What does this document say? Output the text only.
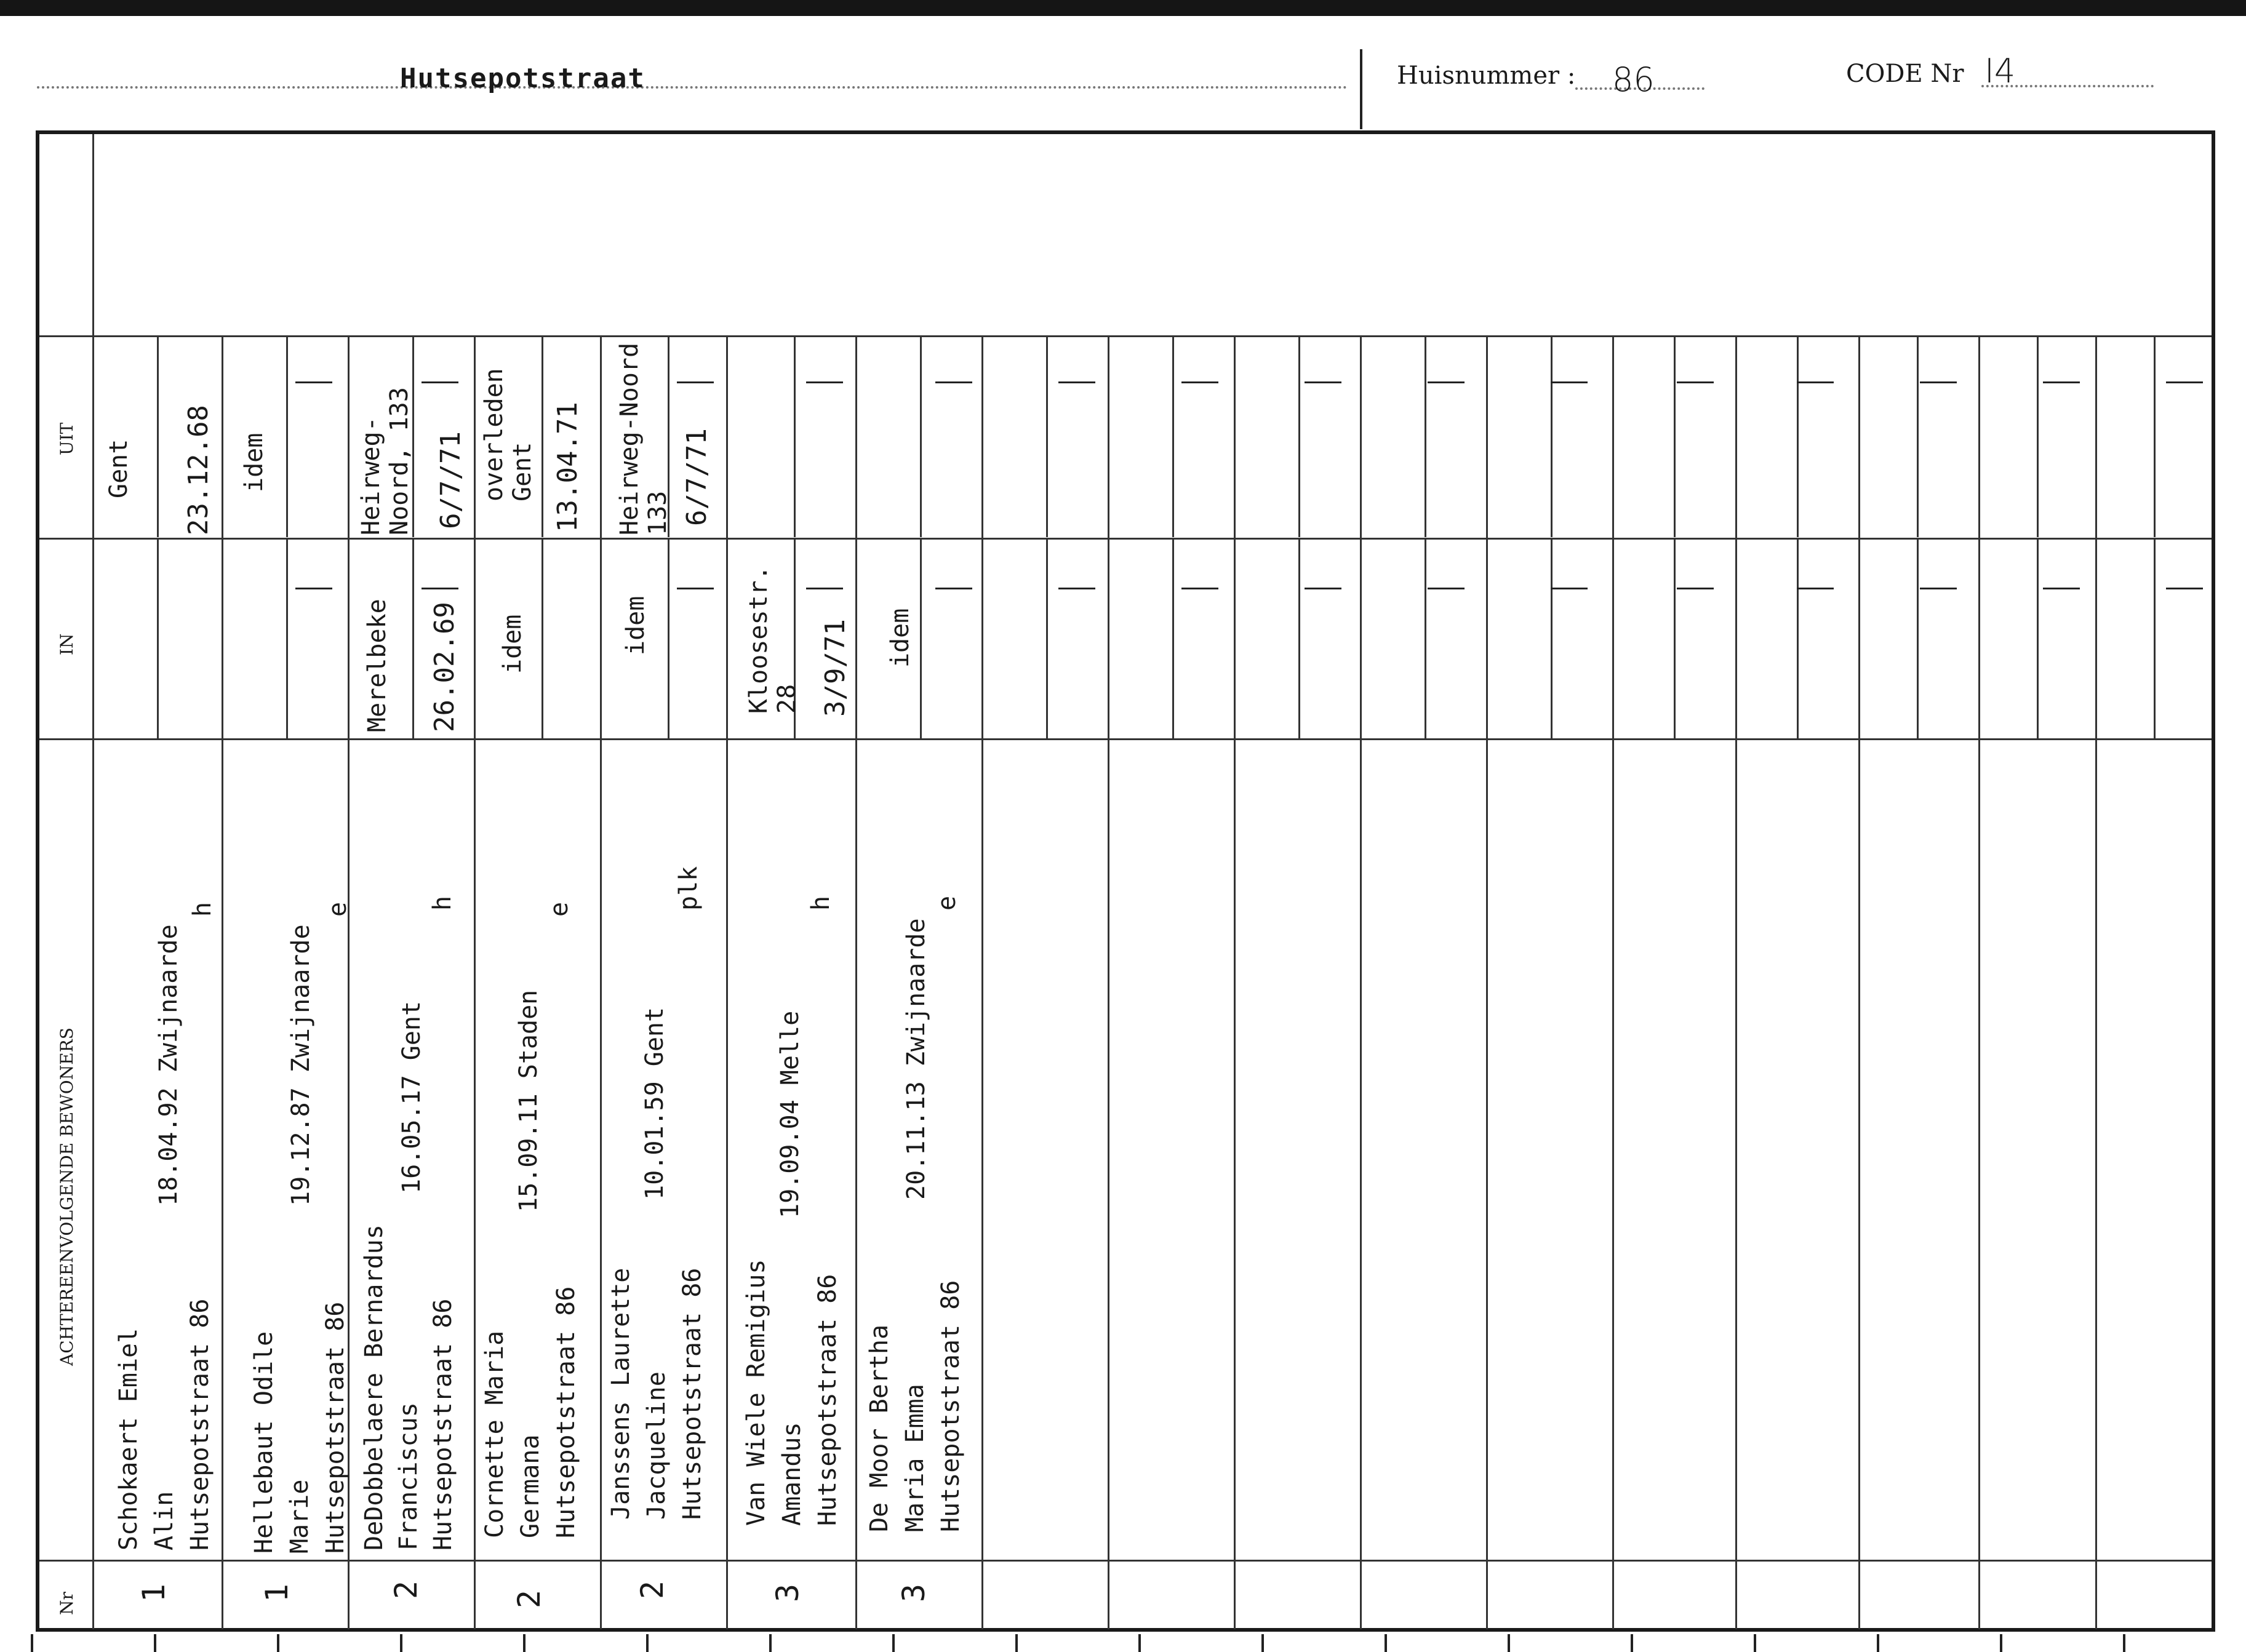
Hutsepotstraat	Huisnummer : 86	CODE Nr I4
UIT
IN
ACHTEREENVOLGENDE BEWONERS
Nr
Schokaert Emiel Alin Hutsepotstraat 86
18.04.92 Zwijnaarde
h
1
Gent 23.12.68
Hellebaut Odile Marie Hutsepotstraat 86
19.12.87 Zwijnaarde
e
1
idem
DeDobbelaere Bernardus Franciscus Hutsepotstraat 86
16.05.17 Gent
h
2
Merelbeke 26.02.69
Heirweg-Noord, 133 6/7/71
Cornette Maria Germana Hutsepotstraat 86
15.09.11 Staden
e
2
idem
overleden Gent 13.04.71
Janssens Laurette Jacqueline Hutsepotstraat 86
10.01.59 Gent
plk
2
idem
Heirweg-Noord 133 6/7/71
Van Wiele Remigius Amandus Hutsepotstraat 86
19.09.04 Melle
h
3
Kloosestr. 28 3/9/71
De Moor Bertha Maria Emma Hutsepotstraat 86
20.11.13 Zwijnaarde
e
3
idem
